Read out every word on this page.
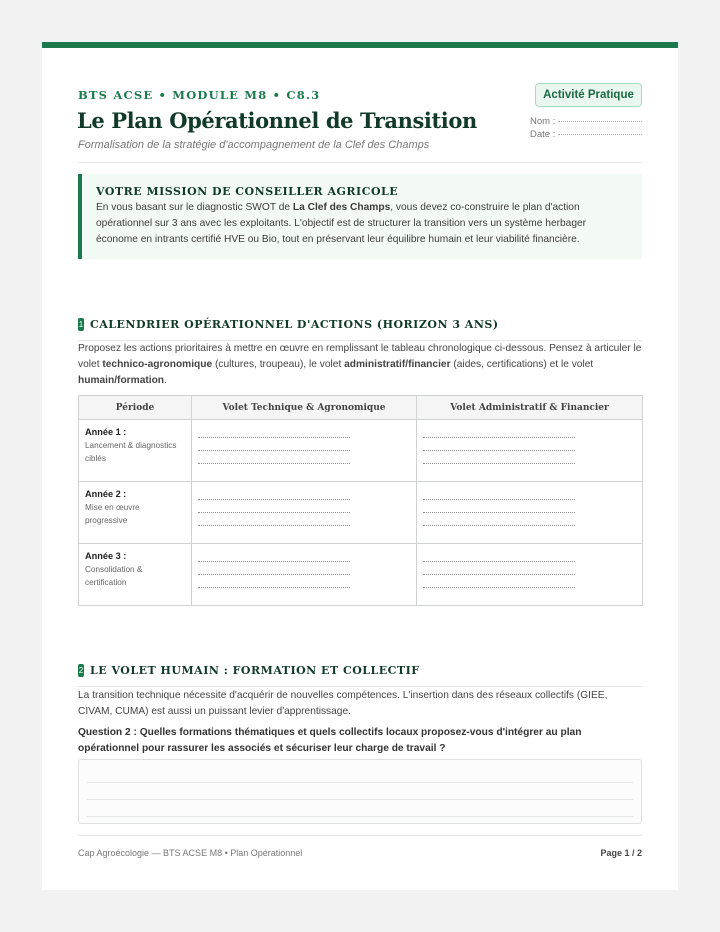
BTS ACSE • MODULE M8 • C8.3	Activité Pratique
Le Plan Opérationnel de Transition
Formalisation de la stratégie d'accompagnement de la Clef des Champs
Nom :
Date :
VOTRE MISSION DE CONSEILLER AGRICOLE
En vous basant sur le diagnostic SWOT de La Clef des Champs, vous devez co-construire le plan d'action opérationnel sur 3 ans avec les exploitants. L'objectif est de structurer la transition vers un système herbager économe en intrants certifié HVE ou Bio, tout en préservant leur équilibre humain et leur viabilité financière.
1 CALENDRIER OPÉRATIONNEL D'ACTIONS (HORIZON 3 ANS)
Proposez les actions prioritaires à mettre en œuvre en remplissant le tableau chronologique ci-dessous. Pensez à articuler le volet technico-agronomique (cultures, troupeau), le volet administratif/financier (aides, certifications) et le volet humain/formation.
Période	Volet Technique & Agronomique	Volet Administratif & Financier

Année 1 :
Lancement & diagnostics
ciblés		

Année 2 :
Mise en œuvre
progressive		

Année 3 :
Consolidation &
certification		

2 LE VOLET HUMAIN : FORMATION ET COLLECTIF
La transition technique nécessite d'acquérir de nouvelles compétences. L'insertion dans des réseaux collectifs (GIEE, CIVAM, CUMA) est aussi un puissant levier d'apprentissage.
Question 2 : Quelles formations thématiques et quels collectifs locaux proposez-vous d'intégrer au plan opérationnel pour rassurer les associés et sécuriser leur charge de travail ?
Cap Agroécologie — BTS ACSE M8 • Plan Opérationnel	Page 1 / 2
